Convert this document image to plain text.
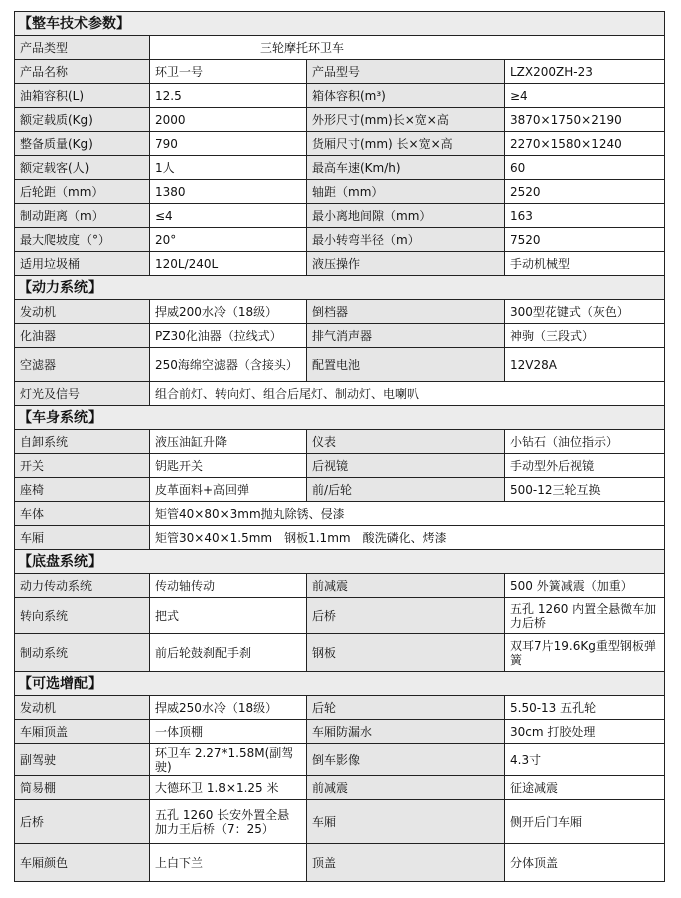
【整车技术参数】			
产品类型	三轮摩托环卫车		
产品名称	环卫一号	产品型号	LZX200ZH-23
油箱容积(L)	12.5	箱体容积(m³)	≥4
额定载质(Kg)	2000	外形尺寸(mm)长×宽×高	3870×1750×2190
整备质量(Kg)	790	货厢尺寸(mm) 长×宽×高	2270×1580×1240
额定载客(人)	1人	最高车速(Km/h)	60
后轮距（mm）	1380	轴距（mm）	2520
制动距离（m）	≤4	最小离地间隙（mm）	163
最大爬坡度（°）	20°	最小转弯半径（m）	7520
适用垃圾桶	120L/240L	液压操作	手动机械型
【动力系统】			
发动机	捍威200水冷（18级）	倒档器	300型花键式（灰色）
化油器	PZ30化油器（拉线式）	排气消声器	神驹（三段式）
空滤器	250海绵空滤器（含接头）	配置电池	12V28A
灯光及信号	组合前灯、转向灯、组合后尾灯、制动灯、电喇叭		
【车身系统】			
自卸系统	液压油缸升降	仪表	小钻石（油位指示）
开关	钥匙开关	后视镜	手动型外后视镜
座椅	皮革面料+高回弹	前/后轮	500-12三轮互换
车体	矩管40×80×3mm抛丸除锈、侵漆		
车厢	矩管30×40×1.5mm　钢板1.1mm　酸洗磷化、烤漆		
【底盘系统】			
动力传动系统	传动轴传动	前减震	500 外簧减震（加重）
转向系统	把式	后桥	五孔 1260 内置全悬微车加力后桥
制动系统	前后轮鼓刹配手刹	钢板	双耳7片19.6Kg重型钢板弹簧
【可选增配】			
发动机	捍威250水冷（18级）	后轮	5.50-13 五孔轮
车厢顶盖	一体顶棚	车厢防漏水	30cm 打胶处理
副驾驶	环卫车 2.27*1.58M(副驾驶)	倒车影像	4.3寸
简易棚	大德环卫 1.8×1.25 米	前减震	征途减震
后桥	五孔 1260 长安外置全悬加力王后桥（7：25）	车厢	侧开后门车厢
车厢颜色	上白下兰	顶盖	分体顶盖
